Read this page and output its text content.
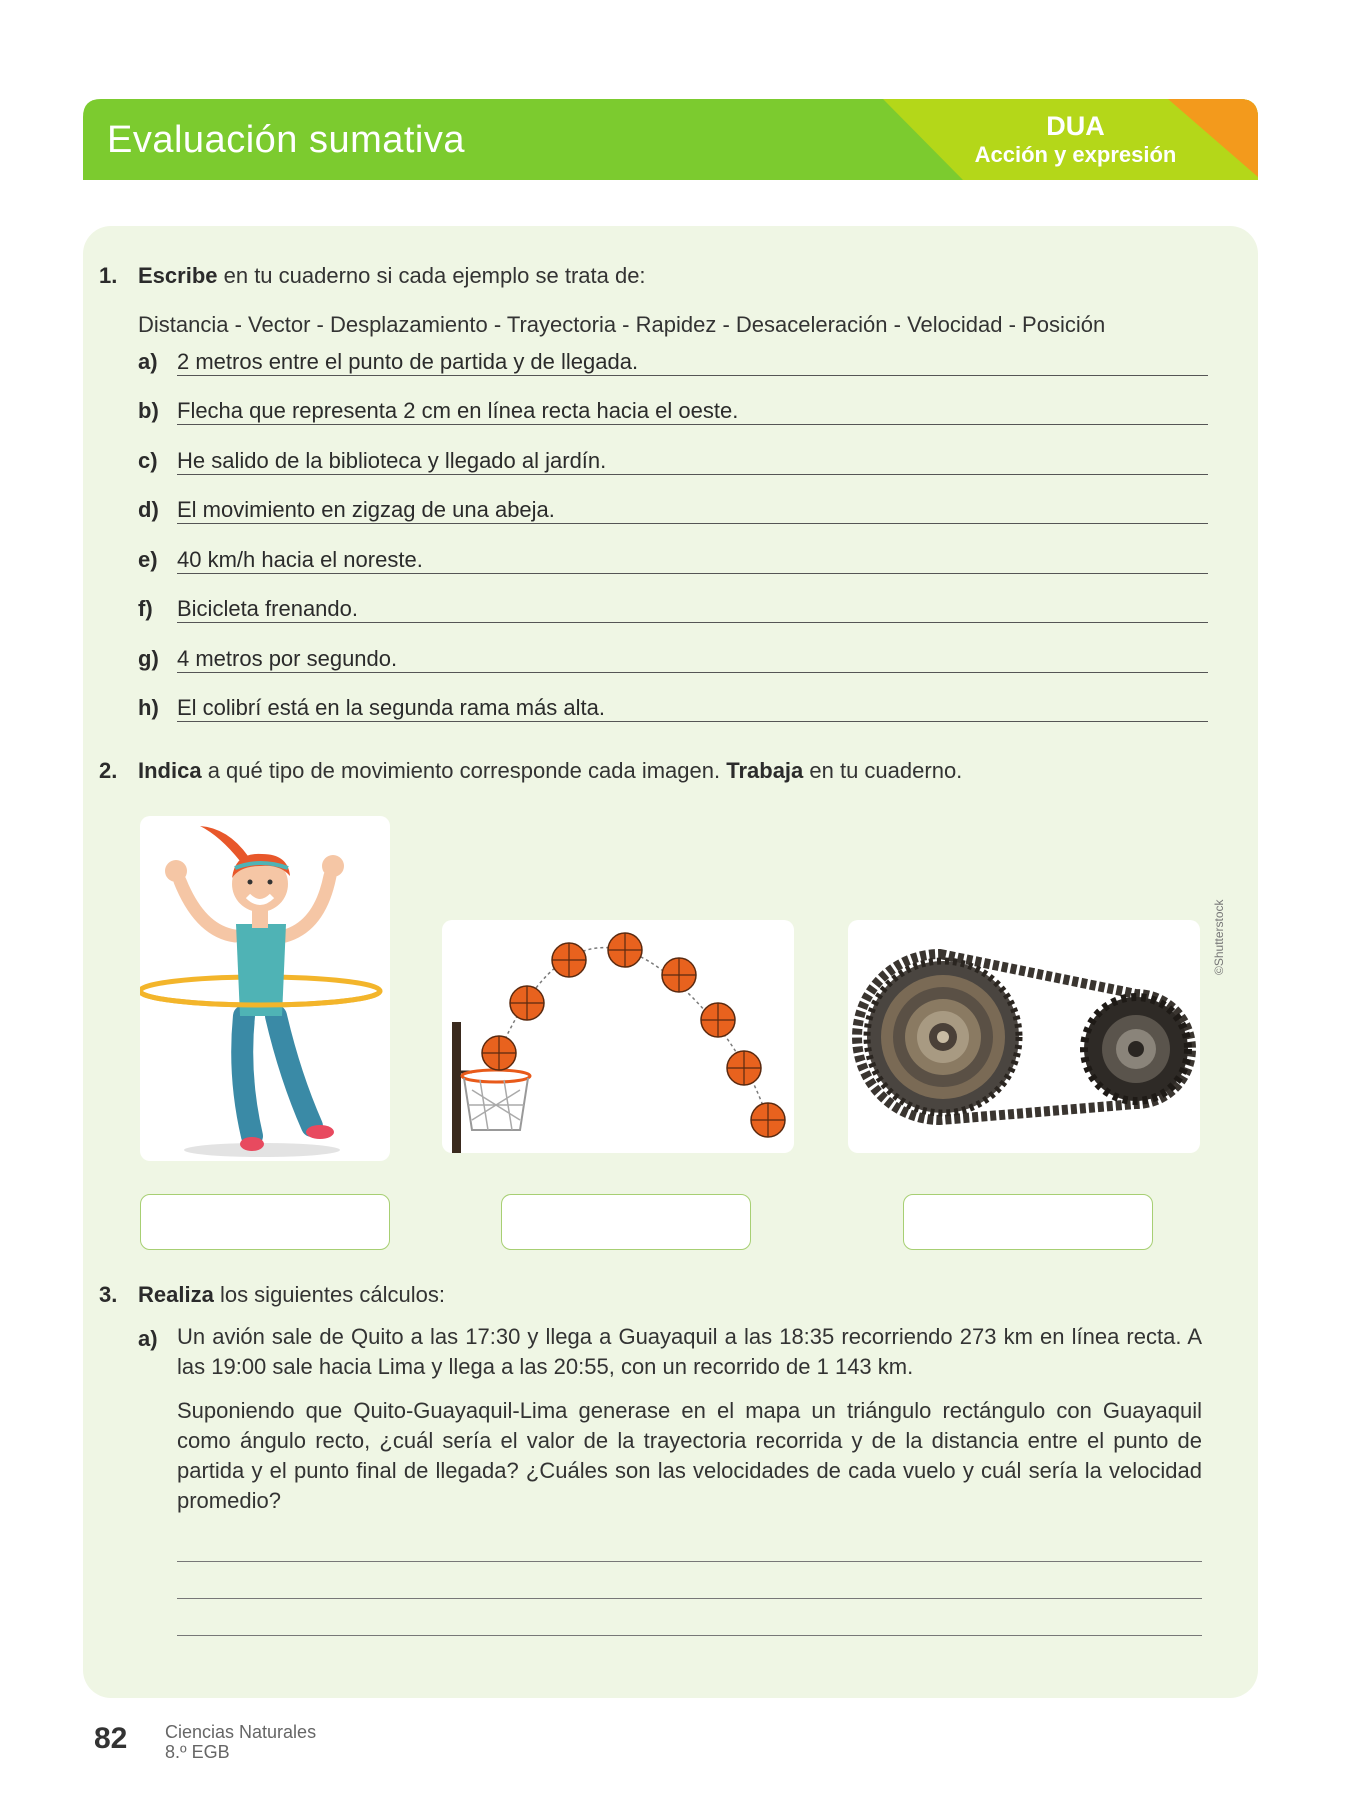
Evaluación sumativa	DUA
Acción y expresión
1. Escribe en tu cuaderno si cada ejemplo se trata de:
Distancia - Vector - Desplazamiento - Trayectoria - Rapidez - Desaceleración - Velocidad - Posición
a) 2 metros entre el punto de partida y de llegada.
b) Flecha que representa 2 cm en línea recta hacia el oeste.
c) He salido de la biblioteca y llegado al jardín.
d) El movimiento en zigzag de una abeja.
e) 40 km/h hacia el noreste.
f) Bicicleta frenando.
g) 4 metros por segundo.
h) El colibrí está en la segunda rama más alta.
2. Indica a qué tipo de movimiento corresponde cada imagen. Trabaja en tu cuaderno.
©Shutterstock
3. Realiza los siguientes cálculos:
a) Un avión sale de Quito a las 17:30 y llega a Guayaquil a las 18:35 recorriendo 273 km en línea recta. A las 19:00 sale hacia Lima y llega a las 20:55, con un recorrido de 1 143 km.
Suponiendo que Quito-Guayaquil-Lima generase en el mapa un triángulo rectángulo con Guayaquil como ángulo recto, ¿cuál sería el valor de la trayectoria recorrida y de la distancia entre el punto de partida y el punto final de llegada? ¿Cuáles son las velocidades de cada vuelo y cuál sería la velocidad promedio?
82 Ciencias Naturales
8.º EGB
